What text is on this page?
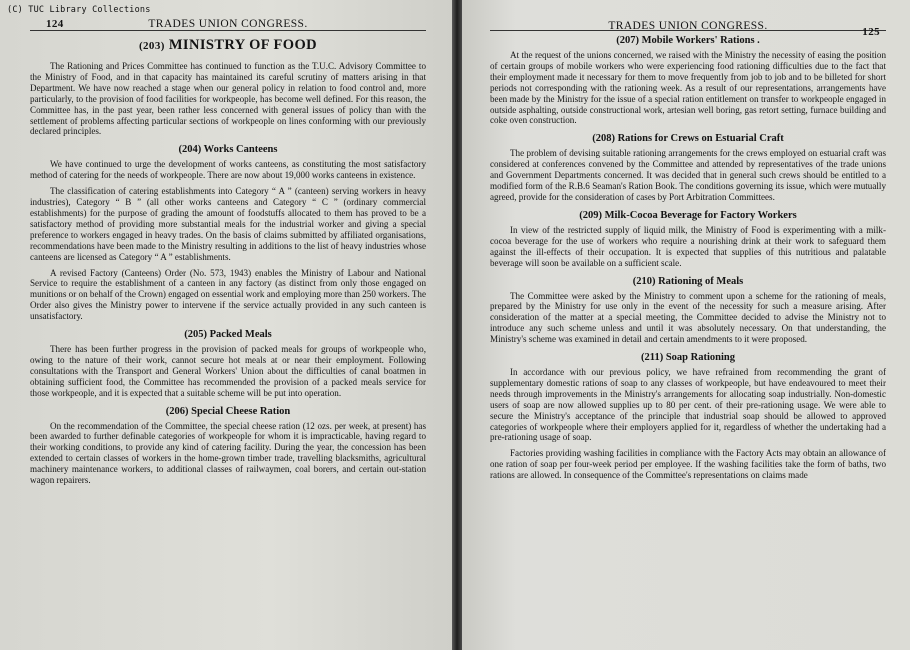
124	TRADES UNION CONGRESS.
(203) MINISTRY OF FOOD

The Rationing and Prices Committee has continued to function as the T.U.C. Advisory Committee to the Ministry of Food, and in that capacity has maintained its careful scrutiny of matters arising in that Department. We have now reached a stage when our general policy in relation to food control and, more particularly, to the provision of food facilities for workpeople, has become well defined. For this reason, the Committee has, in the past year, been rather less concerned with general issues of policy than with the settlement of problems affecting particular sections of workpeople on lines conforming with our previously declared principles.

(204) Works Canteens

We have continued to urge the development of works canteens, as constituting the most satisfactory method of catering for the needs of workpeople. There are now about 19,000 works canteens in existence.

The classification of catering establishments into Category “ A ” (canteen) serving workers in heavy industries), Category “ B ” (all other works canteens and Category “ C ” (ordinary commercial establishments) for the purpose of grading the amount of foodstuffs allocated to them has proved to be a satisfactory method of providing more substantial meals for the industrial worker and giving a special preference to workers engaged in heavy trades. On the basis of claims submitted by affiliated organisations, recommendations have been made to the Ministry resulting in additions to the list of heavy industries whose canteens are licensed as Category “ A ” establishments.

A revised Factory (Canteens) Order (No. 573, 1943) enables the Ministry of Labour and National Service to require the establishment of a canteen in any factory (as distinct from only those engaged on munitions or on behalf of the Crown) engaged on essential work and employing more than 250 workers. The Order also gives the Ministry power to intervene if the service actually provided in any such canteen is unsatisfactory.

(205) Packed Meals

There has been further progress in the provision of packed meals for groups of workpeople who, owing to the nature of their work, cannot secure hot meals at or near their employment. Following consultations with the Transport and General Workers' Union about the difficulties of canal boatmen in obtaining sufficient food, the Committee has recommended the provision of a packed meals service for those workpeople, and it is expected that a suitable scheme will be put into operation.

(206) Special Cheese Ration

On the recommendation of the Committee, the special cheese ration (12 ozs. per week, at present) has been awarded to further definable categories of workpeople for whom it is impracticable, having regard to their working conditions, to provide any kind of catering facility. During the year, the concession has been extended to certain classes of workers in the home-grown timber trade, travelling blacksmiths, agricultural machinery maintenance workers, to additional classes of railwaymen, coal borers, and certain out-station wagon repairers.

TRADES UNION CONGRESS.	125
(207) Mobile Workers' Rations .

At the request of the unions concerned, we raised with the Ministry the necessity of easing the position of certain groups of mobile workers who were experiencing food rationing difficulties due to the fact that their employment made it necessary for them to move frequently from job to job and to be billeted for short periods not corresponding with the rationing week. As a result of our representations, arrangements have been made by the Ministry for the issue of a special ration entitlement on transfer to workpeople engaged in outside asphalting, outside constructional work, artesian well boring, gas retort setting, furnace building and coke oven construction.

(208) Rations for Crews on Estuarial Craft

The problem of devising suitable rationing arrangements for the crews employed on estuarial craft was considered at conferences convened by the Committee and attended by representatives of the trade unions and Government Departments concerned. It was decided that in general such crews should be entitled to a modified form of the R.B.6 Seaman's Ration Book. The conditions governing its issue, which were mutually agreed, provide for the consideration of cases by Port Arbitration Committees.

(209) Milk-Cocoa Beverage for Factory Workers

In view of the restricted supply of liquid milk, the Ministry of Food is experimenting with a milk-cocoa beverage for the use of workers who require a nourishing drink at their work to safeguard them against the ill-effects of their occupation. It is expected that supplies of this nutritious and palatable beverage will soon be available on a sufficient scale.

(210) Rationing of Meals

The Committee were asked by the Ministry to comment upon a scheme for the rationing of meals, prepared by the Ministry for use only in the event of the necessity for such a measure arising. After consideration of the matter at a special meeting, the Committee decided to advise the Ministry not to introduce any such scheme unless and until it was absolutely necessary. On that understanding, the Ministry's scheme was examined in detail and certain amendments to it were proposed.

(211) Soap Rationing

In accordance with our previous policy, we have refrained from recommending the grant of supplementary domestic rations of soap to any classes of workpeople, but have endeavoured to meet their needs through improvements in the Ministry's arrangements for allocating soap industrially. Non-domestic users of soap are now allowed supplies up to 80 per cent. of their pre-rationing usage. We were able to secure the Ministry's acceptance of the principle that industrial soap should be allowed to approved categories of workpeople where their employers applied for it, regardless of whether the undertaking had a pre-rationing usage of soap.

Factories providing washing facilities in compliance with the Factory Acts may obtain an allowance of one ration of soap per four-week period per employee. If the washing facilities take the form of baths, two rations are allowed. In consequence of the Committee's representations on claims made

(C) TUC Library Collections
